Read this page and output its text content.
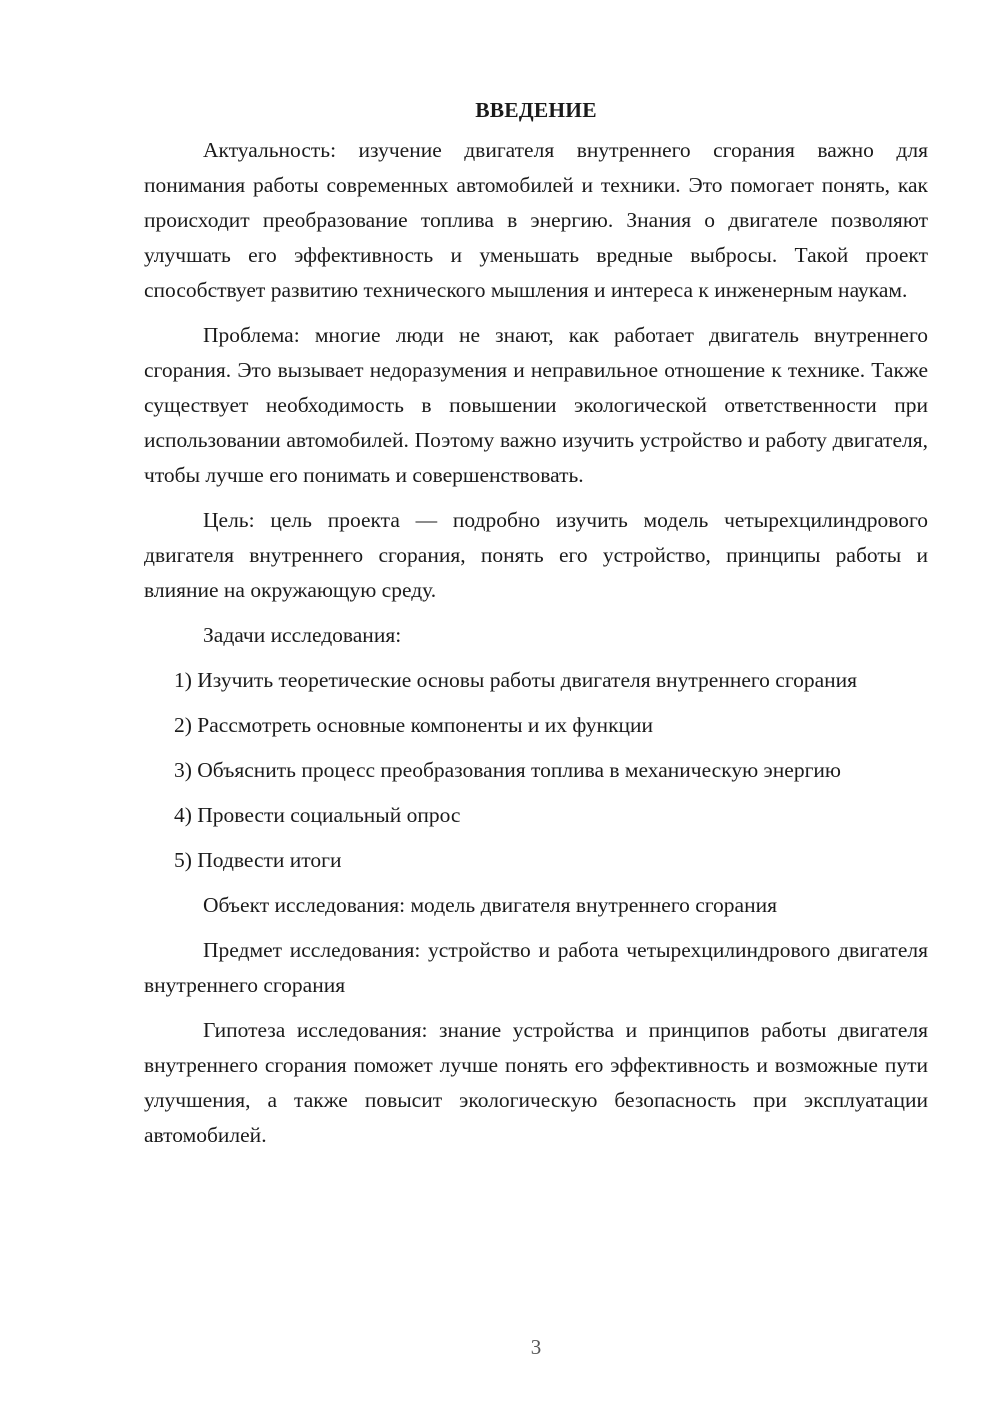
ВВЕДЕНИЕ

Актуальность: изучение двигателя внутреннего сгорания важно для понимания работы современных автомобилей и техники. Это помогает понять, как происходит преобразование топлива в энергию. Знания о двигателе позволяют улучшать его эффективность и уменьшать вредные выбросы. Такой проект способствует развитию технического мышления и интереса к инженерным наукам.

Проблема: многие люди не знают, как работает двигатель внутреннего сгорания. Это вызывает недоразумения и неправильное отношение к технике. Также существует необходимость в повышении экологической ответственности при использовании автомобилей. Поэтому важно изучить устройство и работу двигателя, чтобы лучше его понимать и совершенствовать.

Цель: цель проекта — подробно изучить модель четырехцилиндрового двигателя внутреннего сгорания, понять его устройство, принципы работы и влияние на окружающую среду.

Задачи исследования:

1) Изучить теоретические основы работы двигателя внутреннего сгорания

2) Рассмотреть основные компоненты и их функции

3) Объяснить процесс преобразования топлива в механическую энергию

4) Провести социальный опрос

5) Подвести итоги

Объект исследования: модель двигателя внутреннего сгорания

Предмет исследования: устройство и работа четырехцилиндрового двигателя внутреннего сгорания

Гипотеза исследования: знание устройства и принципов работы двигателя внутреннего сгорания поможет лучше понять его эффективность и возможные пути улучшения, а также повысит экологическую безопасность при эксплуатации автомобилей.

3
